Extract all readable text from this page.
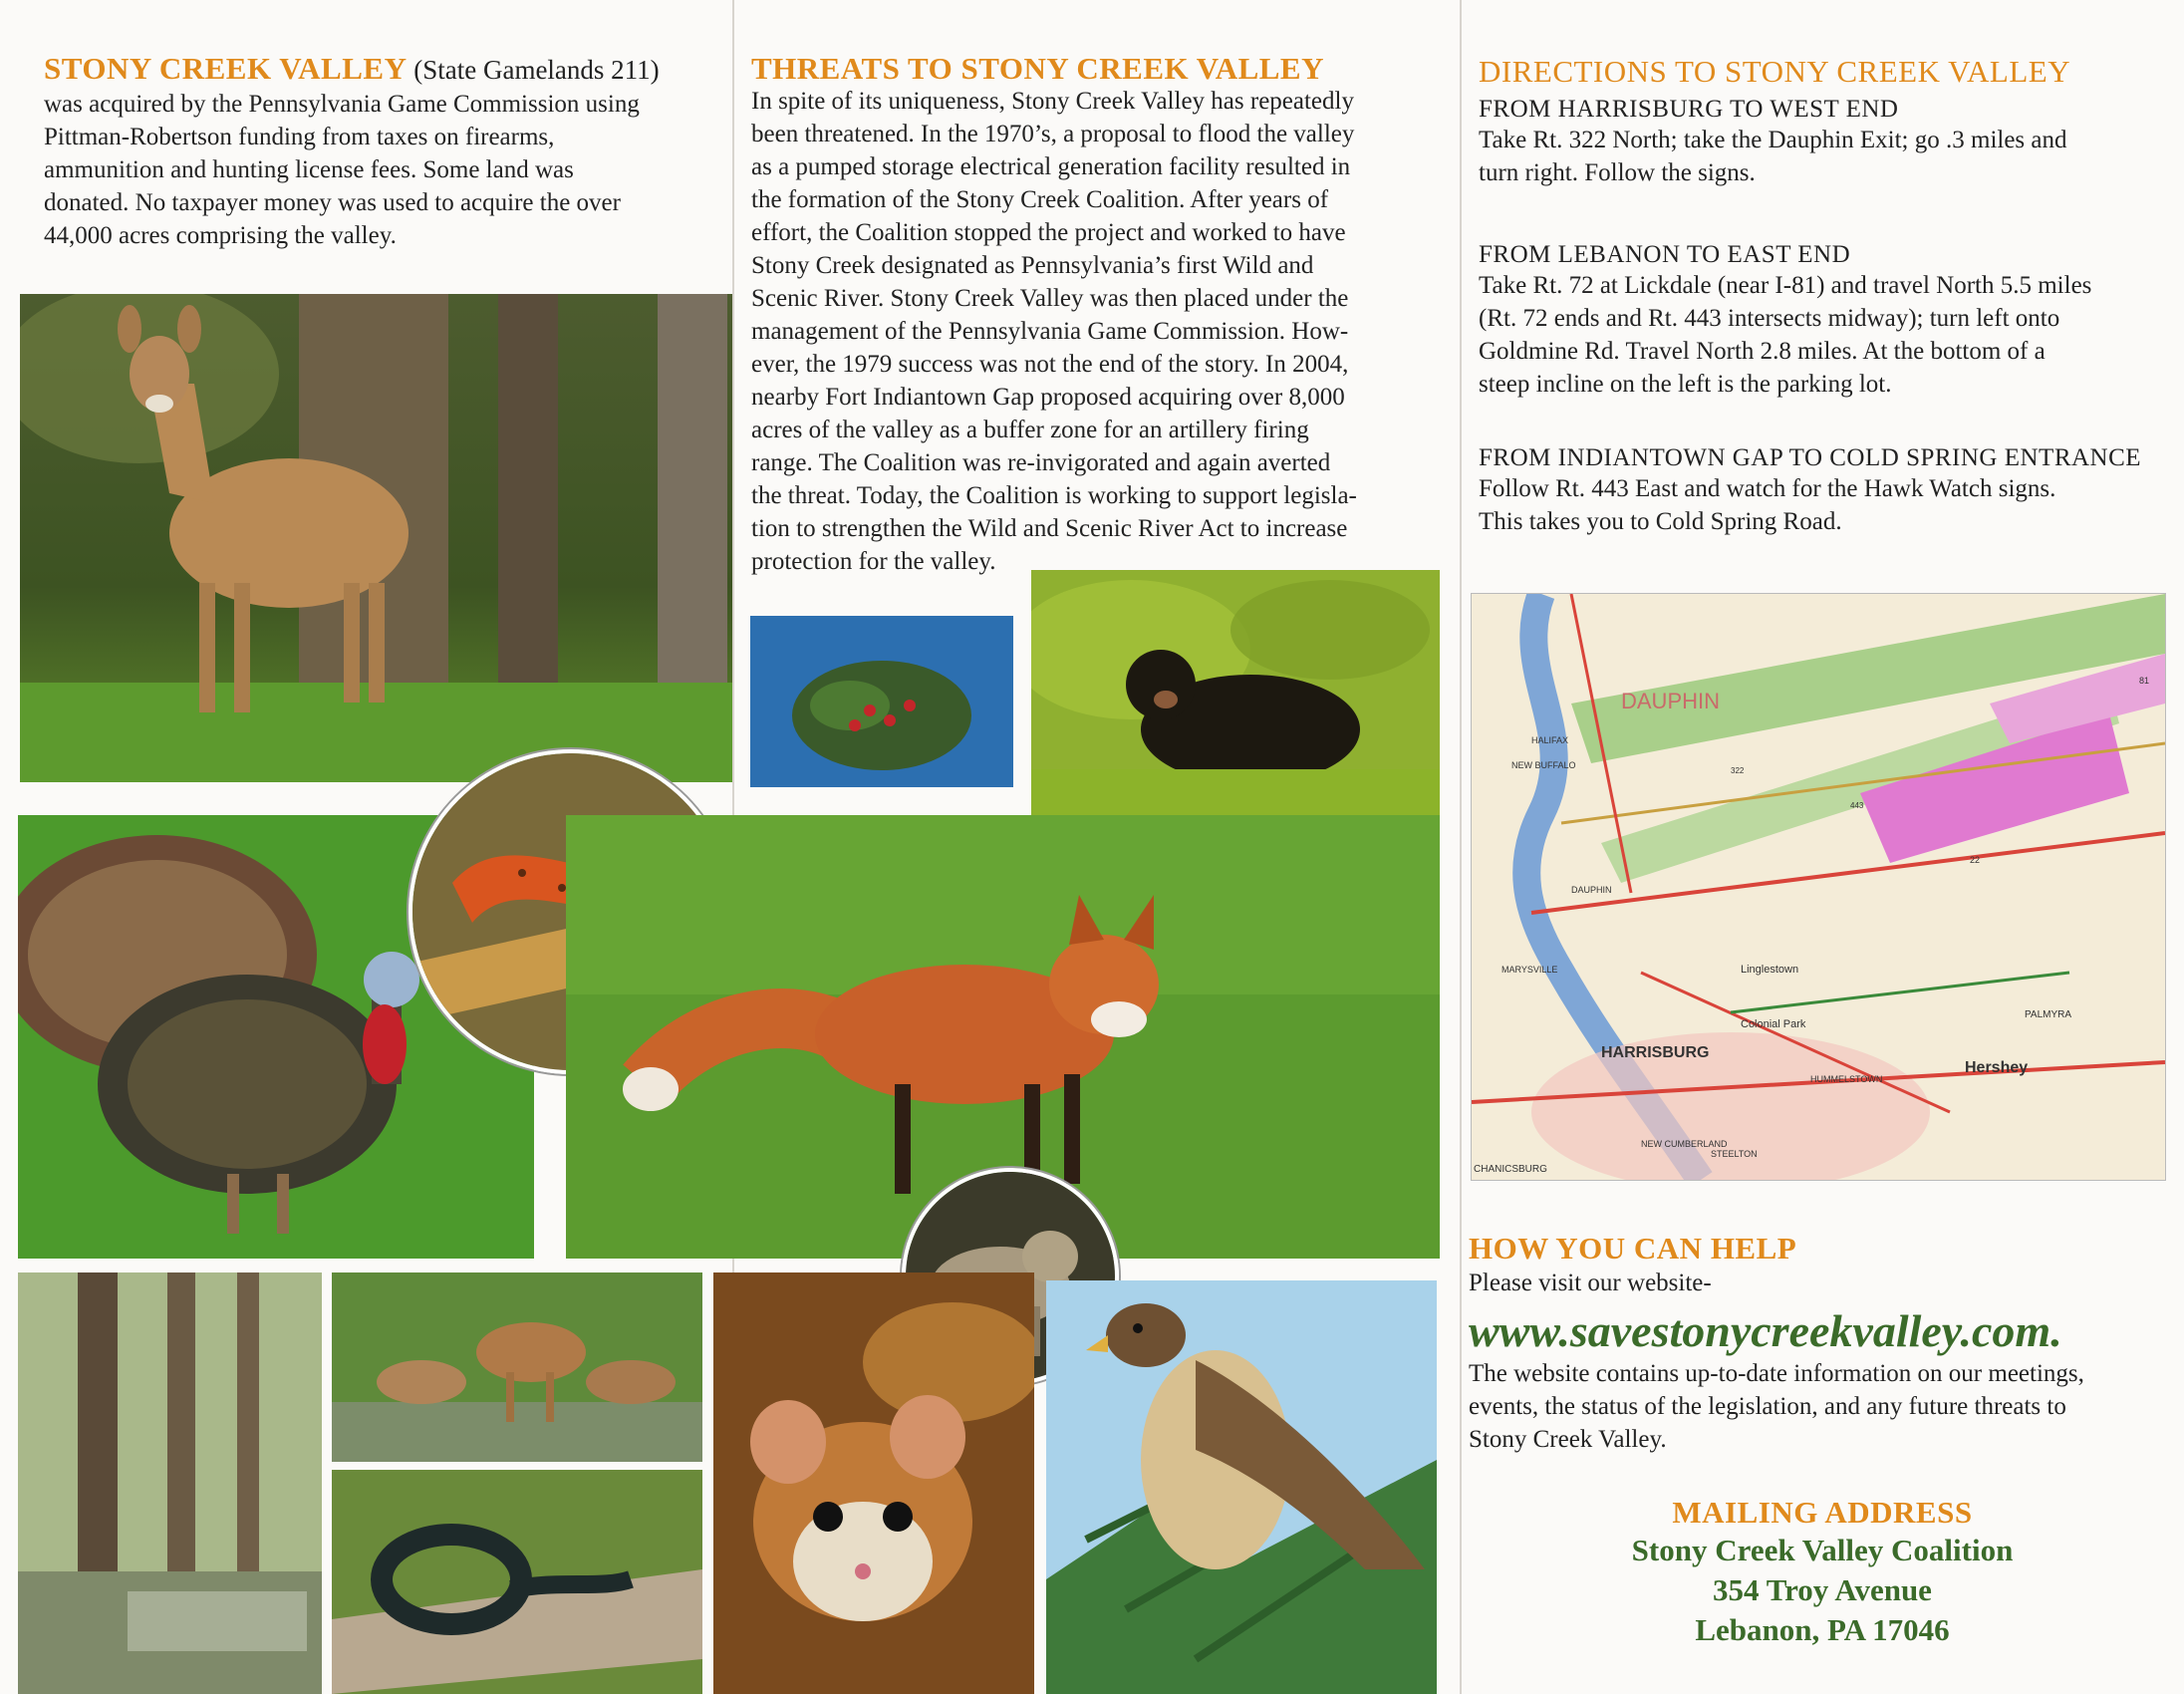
STONY CREEK VALLEY (State Gamelands 211)
was acquired by the Pennsylvania Game Commission using
Pittman-Robertson funding from taxes on firearms,
ammunition and hunting license fees. Some land was
donated. No taxpayer money was used to acquire the over
44,000 acres comprising the valley.
THREATS TO STONY CREEK VALLEY
In spite of its uniqueness, Stony Creek Valley has repeatedly
been threatened. In the 1970’s, a proposal to flood the valley
as a pumped storage electrical generation facility resulted in
the formation of the Stony Creek Coalition. After years of
effort, the Coalition stopped the project and worked to have
Stony Creek designated as Pennsylvania’s first Wild and
Scenic River. Stony Creek Valley was then placed under the
management of the Pennsylvania Game Commission. How-
ever, the 1979 success was not the end of the story. In 2004,
nearby Fort Indiantown Gap proposed acquiring over 8,000
acres of the valley as a buffer zone for an artillery firing
range. The Coalition was re-invigorated and again averted
the threat. Today, the Coalition is working to support legisla-
tion to strengthen the Wild and Scenic River Act to increase
protection for the valley.
DIRECTIONS TO STONY CREEK VALLEY
FROM HARRISBURG TO WEST END
Take Rt. 322 North; take the Dauphin Exit; go .3 miles and
turn right. Follow the signs.
FROM LEBANON TO EAST END
Take Rt. 72 at Lickdale (near I-81) and travel North 5.5 miles
(Rt. 72 ends and Rt. 443 intersects midway); turn left onto
Goldmine Rd. Travel North 2.8 miles. At the bottom of a
steep incline on the left is the parking lot.
FROM INDIANTOWN GAP TO COLD SPRING ENTRANCE
Follow Rt. 443 East and watch for the Hawk Watch signs.
This takes you to Cold Spring Road.
DAUPHIN
HARRISBURG
Hershey
Colonial Park
Linglestown
PALMYRA
MARYSVILLE
HALIFAX
NEW BUFFALO
CHANICSBURG
DAUPHIN
HUMMELSTOWN
NEW CUMBERLAND
STEELTON
322
443
81
22
HOW YOU CAN HELP
Please visit our website-
www.savestonycreekvalley.com.
The website contains up-to-date information on our meetings,
events, the status of the legislation, and any future threats to
Stony Creek Valley.
MAILING ADDRESS
Stony Creek Valley Coalition
354 Troy Avenue
Lebanon, PA 17046
